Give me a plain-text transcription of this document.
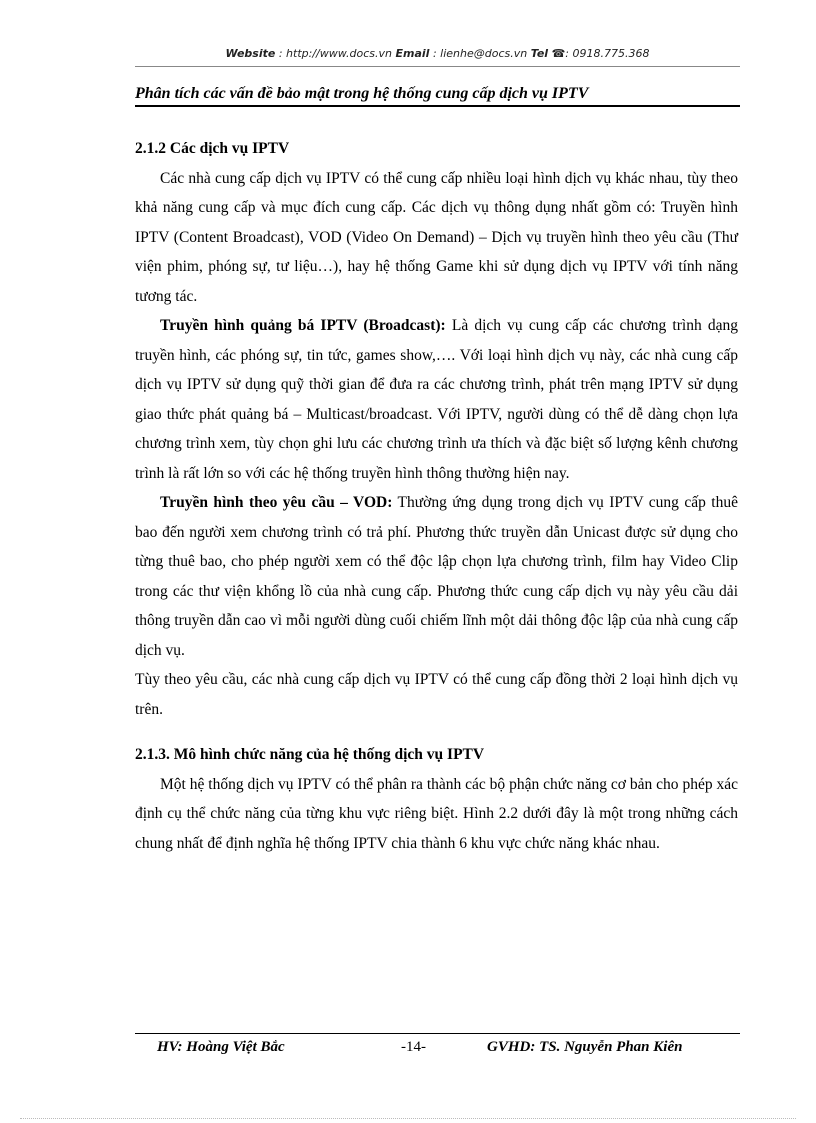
Website : http://www.docs.vn Email : lienhe@docs.vn Tel ☎: 0918.775.368
Phân tích các vấn đề bảo mật trong hệ thống cung cấp dịch vụ IPTV
2.1.2 Các dịch vụ IPTV

Các nhà cung cấp dịch vụ IPTV có thể cung cấp nhiều loại hình dịch vụ khác nhau, tùy theo khả năng cung cấp và mục đích cung cấp. Các dịch vụ thông dụng nhất gồm có: Truyền hình IPTV (Content Broadcast), VOD (Video On Demand) – Dịch vụ truyền hình theo yêu cầu (Thư viện phim, phóng sự, tư liệu…), hay hệ thống Game khi sử dụng dịch vụ IPTV với tính năng tương tác.

Truyền hình quảng bá IPTV (Broadcast): Là dịch vụ cung cấp các chương trình dạng truyền hình, các phóng sự, tin tức, games show,…. Với loại hình dịch vụ này, các nhà cung cấp dịch vụ IPTV sử dụng quỹ thời gian để đưa ra các chương trình, phát trên mạng IPTV sử dụng giao thức phát quảng bá – Multicast/broadcast. Với IPTV, người dùng có thể dễ dàng chọn lựa chương trình xem, tùy chọn ghi lưu các chương trình ưa thích và đặc biệt số lượng kênh chương trình là rất lớn so với các hệ thống truyền hình thông thường hiện nay.

Truyền hình theo yêu cầu – VOD: Thường ứng dụng trong dịch vụ IPTV cung cấp thuê bao đến người xem chương trình có trả phí. Phương thức truyền dẫn Unicast được sử dụng cho từng thuê bao, cho phép người xem có thể độc lập chọn lựa chương trình, film hay Video Clip trong các thư viện khổng lồ của nhà cung cấp. Phương thức cung cấp dịch vụ này yêu cầu dải thông truyền dẫn cao vì mỗi người dùng cuối chiếm lĩnh một dải thông độc lập của nhà cung cấp dịch vụ.

Tùy theo yêu cầu, các nhà cung cấp dịch vụ IPTV có thể cung cấp đồng thời 2 loại hình dịch vụ trên.

2.1.3. Mô hình chức năng của hệ thống dịch vụ IPTV

Một hệ thống dịch vụ IPTV có thể phân ra thành các bộ phận chức năng cơ bản cho phép xác định cụ thể chức năng của từng khu vực riêng biệt. Hình 2.2 dưới đây là một trong những cách chung nhất để định nghĩa hệ thống IPTV chia thành 6 khu vực chức năng khác nhau.

HV: Hoàng Việt Bắc	-14-	GVHD: TS. Nguyễn Phan Kiên
